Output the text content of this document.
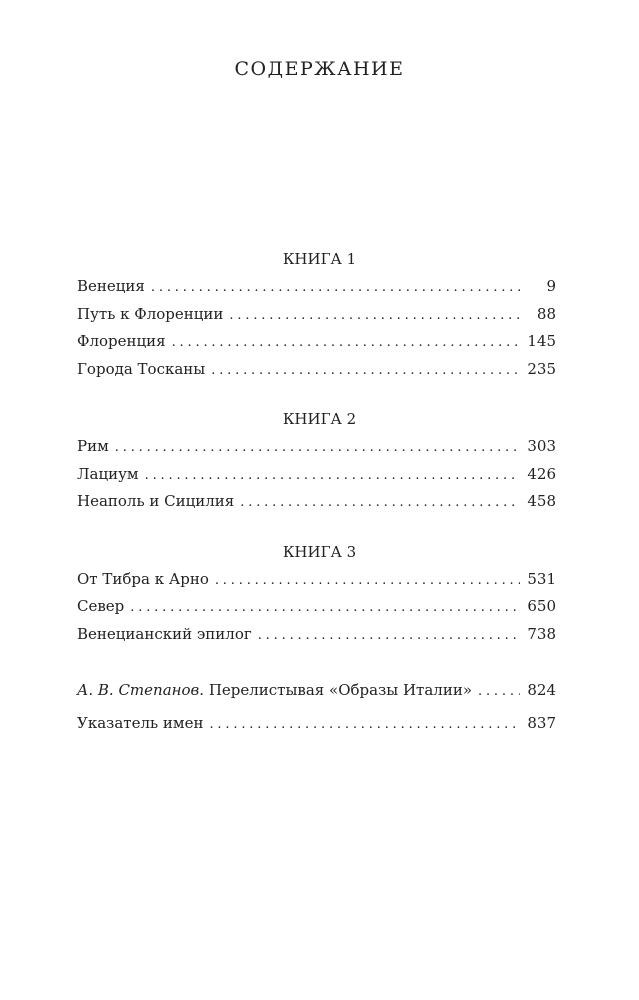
СОДЕРЖАНИЕ
КНИГА 1
Венеция . . .	9
Путь к Флоренции . . .	88
Флоренция . . .	145
Города Тосканы . . .	235
КНИГА 2
Рим . . .	303
Лациум . . .	426
Неаполь и Сицилия . . .	458
КНИГА 3
От Тибра к Арно . . .	531
Север . . .	650
Венецианский эпилог . . .	738
А. В. Степанов. Перелистывая «Образы Италии» . . .	824
Указатель имен . . .	837
